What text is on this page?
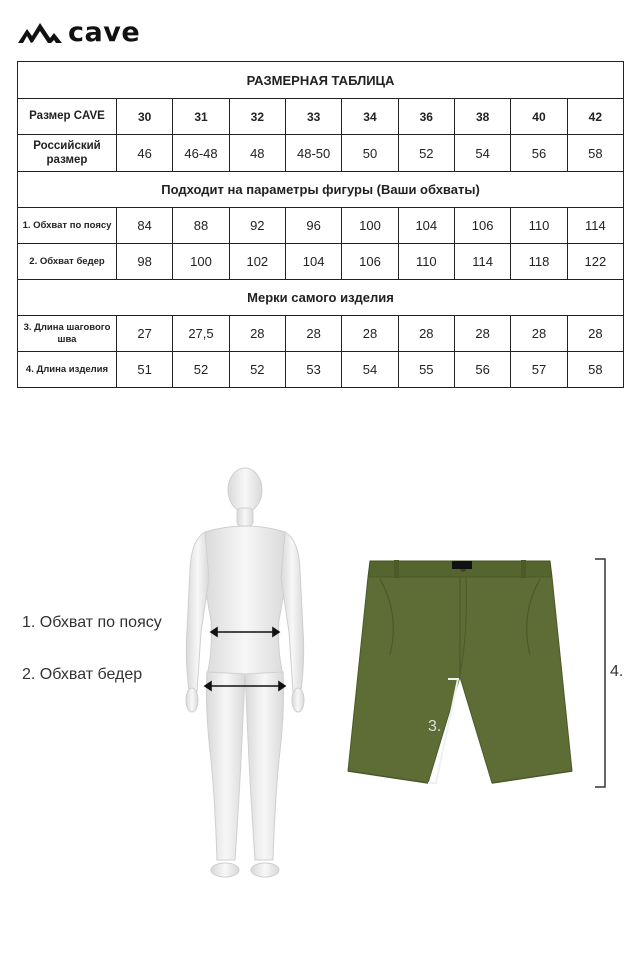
cave
РАЗМЕРНАЯ ТАБЛИЦА									
Размер CAVE	30	31	32	33	34	36	38	40	42
Российский размер	46	46-48	48	48-50	50	52	54	56	58
Подходит на параметры фигуры (Ваши обхваты)									
1. Обхват по поясу	84	88	92	96	100	104	106	110	114
2. Обхват бедер	98	100	102	104	106	110	114	118	122
Мерки самого изделия									
3. Длина шагового шва	27	27,5	28	28	28	28	28	28	28
4. Длина изделия	51	52	52	53	54	55	56	57	58
1. Обхват по поясу
2. Обхват бедер
3.
4.
